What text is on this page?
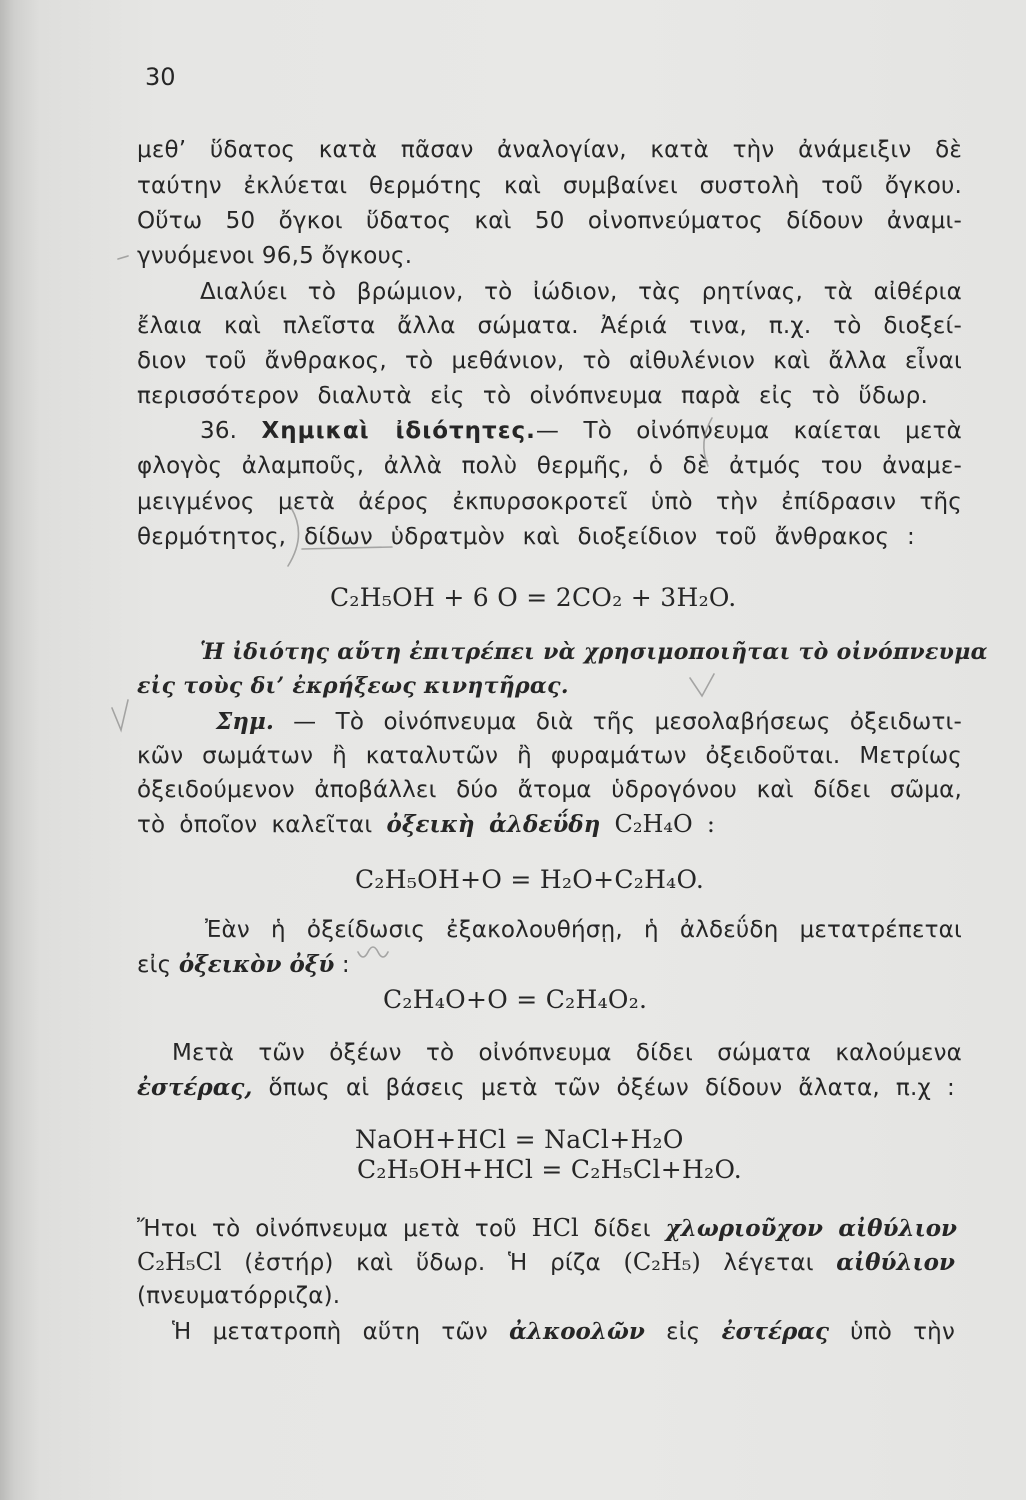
30
μεθ’ ὕδατος κατὰ πᾶσαν ἀναλογίαν, κατὰ τὴν ἀνάμειξιν δὲ
ταύτην ἐκλύεται θερμότης καὶ συμβαίνει συστολὴ τοῦ ὄγκου.
Οὕτω 50 ὄγκοι ὕδατος καὶ 50 οἰνοπνεύματος δίδουν ἀναμι-
γνυόμενοι 96,5 ὄγκους.
Διαλύει τὸ βρώμιον, τὸ ἰώδιον, τὰς ρητίνας, τὰ αἰθέρια
ἔλαια καὶ πλεῖστα ἄλλα σώματα. Ἀέριά τινα, π.χ. τὸ διοξεί-
διον τοῦ ἄνθρακος, τὸ μεθάνιον, τὸ αἰθυλένιον καὶ ἄλλα εἶναι
περισσότερον διαλυτὰ εἰς τὸ οἰνόπνευμα παρὰ εἰς τὸ ὕδωρ.
36. Χημικαὶ ἰδιότητες.— Τὸ οἰνόπνευμα καίεται μετὰ
φλογὸς ἀλαμποῦς, ἀλλὰ πολὺ θερμῆς, ὁ δὲ ἀτμός του ἀναμε-
μειγμένος μετὰ ἀέρος ἐκπυρσοκροτεῖ ὑπὸ τὴν ἐπίδρασιν τῆς
θερμότητος, δίδων ὑδρατμὸν καὶ διοξείδιον τοῦ ἄνθρακος :
C₂H₅OH + 6 O = 2CO₂ + 3H₂O.
Ἡ ἰδιότης αὕτη ἐπιτρέπει νὰ χρησιμοποιῆται τὸ οἰνόπνευμα
εἰς τοὺς δι’ ἐκρήξεως κινητῆρας.
Σημ. — Τὸ οἰνόπνευμα διὰ τῆς μεσολαβήσεως ὀξειδωτι-
κῶν σωμάτων ἢ καταλυτῶν ἢ φυραμάτων ὀξειδοῦται. Μετρίως
ὀξειδούμενον ἀποβάλλει δύο ἄτομα ὑδρογόνου καὶ δίδει σῶμα,
τὸ ὁποῖον καλεῖται ὀξεικὴ ἀλδεΰδη C₂H₄O :
C₂H₅OH+O = H₂O+C₂H₄O.
Ἐὰν ἡ ὀξείδωσις ἐξακολουθήσῃ, ἡ ἀλδεΰδη μετατρέπεται
εἰς ὀξεικὸν ὀξύ :
C₂H₄O+O = C₂H₄O₂.
Μετὰ τῶν ὀξέων τὸ οἰνόπνευμα δίδει σώματα καλούμενα
ἐστέρας, ὅπως αἱ βάσεις μετὰ τῶν ὀξέων δίδουν ἄλατα, π.χ :
NaOH+HCl = NaCl+H₂O
C₂H₅OH+HCl = C₂H₅Cl+H₂O.
Ἤτοι τὸ οἰνόπνευμα μετὰ τοῦ HCl δίδει χλωριοῦχον αἰθύλιον
C₂H₅Cl (ἐστήρ) καὶ ὕδωρ. Ἡ ρίζα (C₂H₅) λέγεται αἰθύλιον
(πνευματόρριζα).
Ἡ μετατροπὴ αὕτη τῶν ἀλκοολῶν εἰς ἐστέρας ὑπὸ τὴν
